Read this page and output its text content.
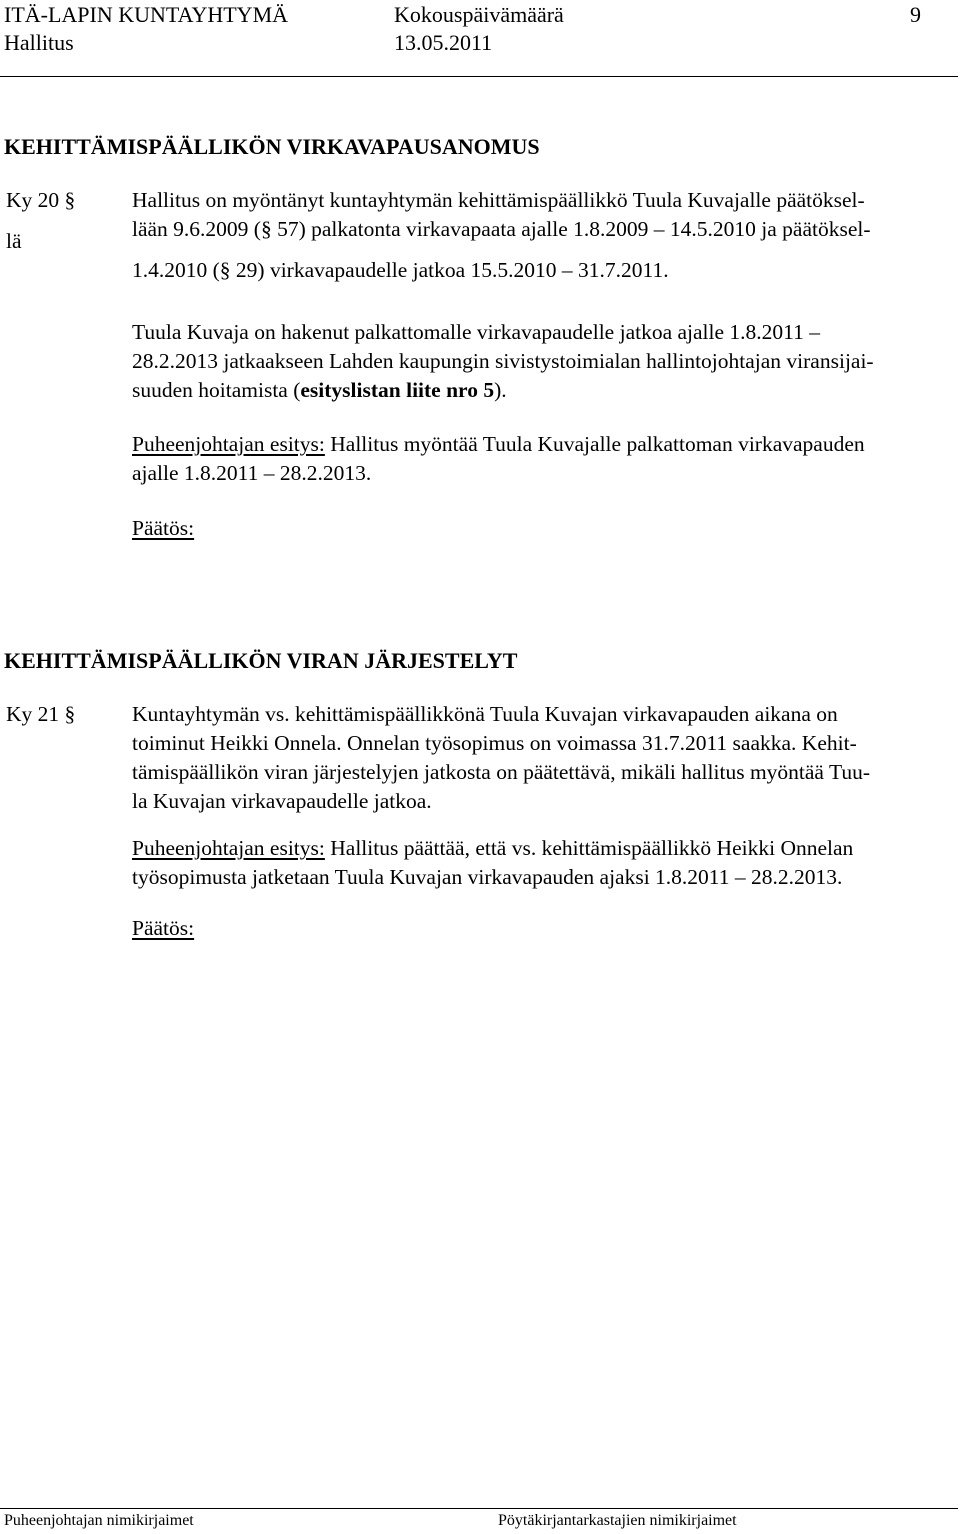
ITÄ-LAPIN KUNTAYHTYMÄ	Kokouspäivämäärä	9
Hallitus	13.05.2011
KEHITTÄMISPÄÄLLIKÖN VIRKAVAPAUSANOMUS
Ky 20 §
lä
Hallitus on myöntänyt kuntayhtymän kehittämispäällikkö Tuula Kuvajalle päätöksel-
lään 9.6.2009 (§ 57) palkatonta virkavapaata ajalle 1.8.2009 – 14.5.2010 ja päätöksel-
1.4.2010 (§ 29) virkavapaudelle jatkoa 15.5.2010 – 31.7.2011.
Tuula Kuvaja on hakenut palkattomalle virkavapaudelle jatkoa ajalle 1.8.2011 –
28.2.2013 jatkaakseen Lahden kaupungin sivistystoimialan hallintojohtajan viransijai-
suuden hoitamista (esityslistan liite nro 5).
Puheenjohtajan esitys: Hallitus myöntää Tuula Kuvajalle palkattoman virkavapauden
ajalle 1.8.2011 – 28.2.2013.
Päätös:
KEHITTÄMISPÄÄLLIKÖN VIRAN JÄRJESTELYT
Ky 21 §	Kuntayhtymän vs. kehittämispäällikkönä Tuula Kuvajan virkavapauden aikana on
toiminut Heikki Onnela. Onnelan työsopimus on voimassa 31.7.2011 saakka. Kehit-
tämispäällikön viran järjestelyjen jatkosta on päätettävä, mikäli hallitus myöntää Tuu-
la Kuvajan virkavapaudelle jatkoa.
Puheenjohtajan esitys: Hallitus päättää, että vs. kehittämispäällikkö Heikki Onnelan
työsopimusta jatketaan Tuula Kuvajan virkavapauden ajaksi 1.8.2011 – 28.2.2013.
Päätös:
Puheenjohtajan nimikirjaimet	Pöytäkirjantarkastajien nimikirjaimet
